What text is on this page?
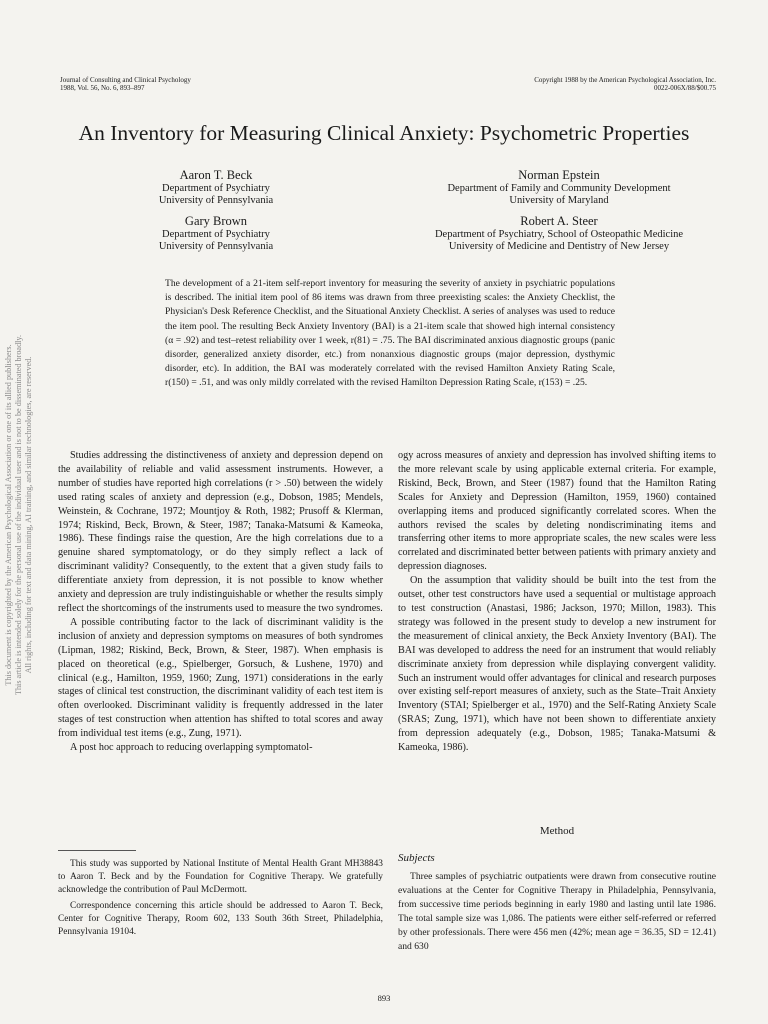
This document is copyrighted by the American Psychological Association or one of its allied publishers. This article is intended solely for the personal use of the individual user and is not to be disseminated broadly. All rights, including for text and data mining, AI training, and similar technologies, are reserved.
Journal of Consulting and Clinical Psychology
1988, Vol. 56, No. 6, 893–897
Copyright 1988 by the American Psychological Association, Inc.
0022-006X/88/$00.75
An Inventory for Measuring Clinical Anxiety: Psychometric Properties
Aaron T. Beck
Department of Psychiatry
University of Pennsylvania
Gary Brown
Department of Psychiatry
University of Pennsylvania
Norman Epstein
Department of Family and Community Development
University of Maryland
Robert A. Steer
Department of Psychiatry, School of Osteopathic Medicine
University of Medicine and Dentistry of New Jersey
The development of a 21-item self-report inventory for measuring the severity of anxiety in psychiatric populations is described. The initial item pool of 86 items was drawn from three preexisting scales: the Anxiety Checklist, the Physician's Desk Reference Checklist, and the Situational Anxiety Checklist. A series of analyses was used to reduce the item pool. The resulting Beck Anxiety Inventory (BAI) is a 21-item scale that showed high internal consistency (α = .92) and test–retest reliability over 1 week, r(81) = .75. The BAI discriminated anxious diagnostic groups (panic disorder, generalized anxiety disorder, etc.) from nonanxious diagnostic groups (major depression, dysthymic disorder, etc). In addition, the BAI was moderately correlated with the revised Hamilton Anxiety Rating Scale, r(150) = .51, and was only mildly correlated with the revised Hamilton Depression Rating Scale, r(153) = .25.

Studies addressing the distinctiveness of anxiety and depression depend on the availability of reliable and valid assessment instruments. However, a number of studies have reported high correlations (r > .50) between the widely used rating scales of anxiety and depression (e.g., Dobson, 1985; Mendels, Weinstein, & Cochrane, 1972; Mountjoy & Roth, 1982; Prusoff & Klerman, 1974; Riskind, Beck, Brown, & Steer, 1987; Tanaka-Matsumi & Kameoka, 1986). These findings raise the question, Are the high correlations due to a genuine shared symptomatology, or do they simply reflect a lack of discriminant validity? Consequently, to the extent that a given study fails to differentiate anxiety from depression, it is not possible to know whether anxiety and depression are truly indistinguishable or whether the results simply reflect the shortcomings of the instruments used to measure the two syndromes.

A possible contributing factor to the lack of discriminant validity is the inclusion of anxiety and depression symptoms on measures of both syndromes (Lipman, 1982; Riskind, Beck, Brown, & Steer, 1987). When emphasis is placed on theoretical (e.g., Spielberger, Gorsuch, & Lushene, 1970) and clinical (e.g., Hamilton, 1959, 1960; Zung, 1971) considerations in the early stages of clinical test construction, the discriminant validity of each test item is often overlooked. Discriminant validity is frequently addressed in the later stages of test construction when attention has shifted to total scores and away from individual test items (e.g., Zung, 1971).

A post hoc approach to reducing overlapping symptomatol-

ogy across measures of anxiety and depression has involved shifting items to the more relevant scale by using applicable external criteria. For example, Riskind, Beck, Brown, and Steer (1987) found that the Hamilton Rating Scales for Anxiety and Depression (Hamilton, 1959, 1960) contained overlapping items and produced significantly correlated scores. When the authors revised the scales by deleting nondiscriminating items and transferring other items to more appropriate scales, the new scales were less correlated and discriminated better between patients with primary anxiety and depression diagnoses.

On the assumption that validity should be built into the test from the outset, other test constructors have used a sequential or multistage approach to test construction (Anastasi, 1986; Jackson, 1970; Millon, 1983). This strategy was followed in the present study to develop a new instrument for the measurement of clinical anxiety, the Beck Anxiety Inventory (BAI). The BAI was developed to address the need for an instrument that would reliably discriminate anxiety from depression while displaying convergent validity. Such an instrument would offer advantages for clinical and research purposes over existing self-report measures of anxiety, such as the State–Trait Anxiety Inventory (STAI; Spielberger et al., 1970) and the Self-Rating Anxiety Scale (SRAS; Zung, 1971), which have not been shown to differentiate anxiety from depression adequately (e.g., Dobson, 1985; Tanaka-Matsumi & Kameoka, 1986).

Method
Subjects

Three samples of psychiatric outpatients were drawn from consecutive routine evaluations at the Center for Cognitive Therapy in Philadelphia, Pennsylvania, from successive time periods beginning in early 1980 and lasting until late 1986. The total sample size was 1,086. The patients were either self-referred or referred by other professionals. There were 456 men (42%; mean age = 36.35, SD = 12.41) and 630

This study was supported by National Institute of Mental Health Grant MH38843 to Aaron T. Beck and by the Foundation for Cognitive Therapy. We gratefully acknowledge the contribution of Paul McDermott.

Correspondence concerning this article should be addressed to Aaron T. Beck, Center for Cognitive Therapy, Room 602, 133 South 36th Street, Philadelphia, Pennsylvania 19104.

893
